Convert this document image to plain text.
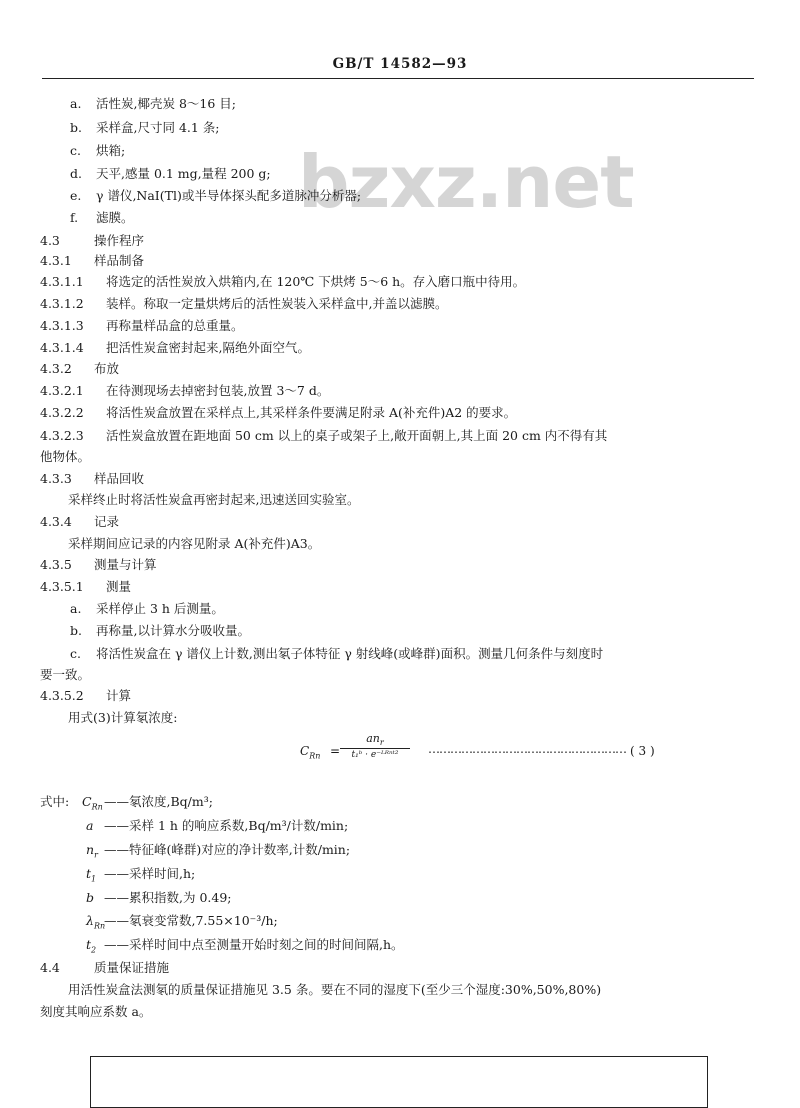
GB/T 14582—93
bzxz.net
a. 活性炭,椰壳炭 8～16 目;
b. 采样盒,尺寸同 4.1 条;
c. 烘箱;
d. 天平,感量 0.1 mg,量程 200 g;
e. γ 谱仪,NaI(Tl)或半导体探头配多道脉冲分析器;
f. 滤膜。
4.3	操作程序
4.3.1 样品制备
4.3.1.1 将选定的活性炭放入烘箱内,在 120℃ 下烘烤 5～6 h。存入磨口瓶中待用。
4.3.1.2 装样。称取一定量烘烤后的活性炭装入采样盒中,并盖以滤膜。
4.3.1.3 再称量样品盒的总重量。
4.3.1.4 把活性炭盒密封起来,隔绝外面空气。
4.3.2 布放
4.3.2.1 在待测现场去掉密封包装,放置 3～7 d。
4.3.2.2 将活性炭盒放置在采样点上,其采样条件要满足附录 A(补充件)A2 的要求。
4.3.2.3 活性炭盒放置在距地面 50 cm 以上的桌子或架子上,敞开面朝上,其上面 20 cm 内不得有其
他物体。
4.3.3 样品回收
采样终止时将活性炭盒再密封起来,迅速送回实验室。
4.3.4 记录
采样期间应记录的内容见附录 A(补充件)A3。
4.3.5 测量与计算
4.3.5.1 测量
a. 采样停止 3 h 后测量。
b. 再称量,以计算水分吸收量。
c. 将活性炭盒在 γ 谱仪上计数,测出氡子体特征 γ 射线峰(或峰群)面积。测量几何条件与刻度时
要一致。
4.3.5.2 计算
用式(3)计算氡浓度:
式中: $C_{Rn}$ ——氡浓度,Bq/m³;
a ——采样 1 h 的响应系数,Bq/m³/计数/min;
$n_r$ ——特征峰(峰群)对应的净计数率,计数/min;
$t_1$ ——采样时间,h;
b ——累积指数,为 0.49;
$\lambda_{Rn}$
——氡衰变常数,7.55×10⁻³/h;
$t_2$ ——采样时间中点至测量开始时刻之间的时间间隔,h。
4.4	质量保证措施
用活性炭盒法测氡的质量保证措施见 3.5 条。要在不同的湿度下(至少三个湿度:30%,50%,80%)
刻度其响应系数 a。
$C_{Rn}$ =
$an_r$
t₁ᵇ · e⁻ᴸᴿⁿᵗ²	……………………………………………… ( 3 )
